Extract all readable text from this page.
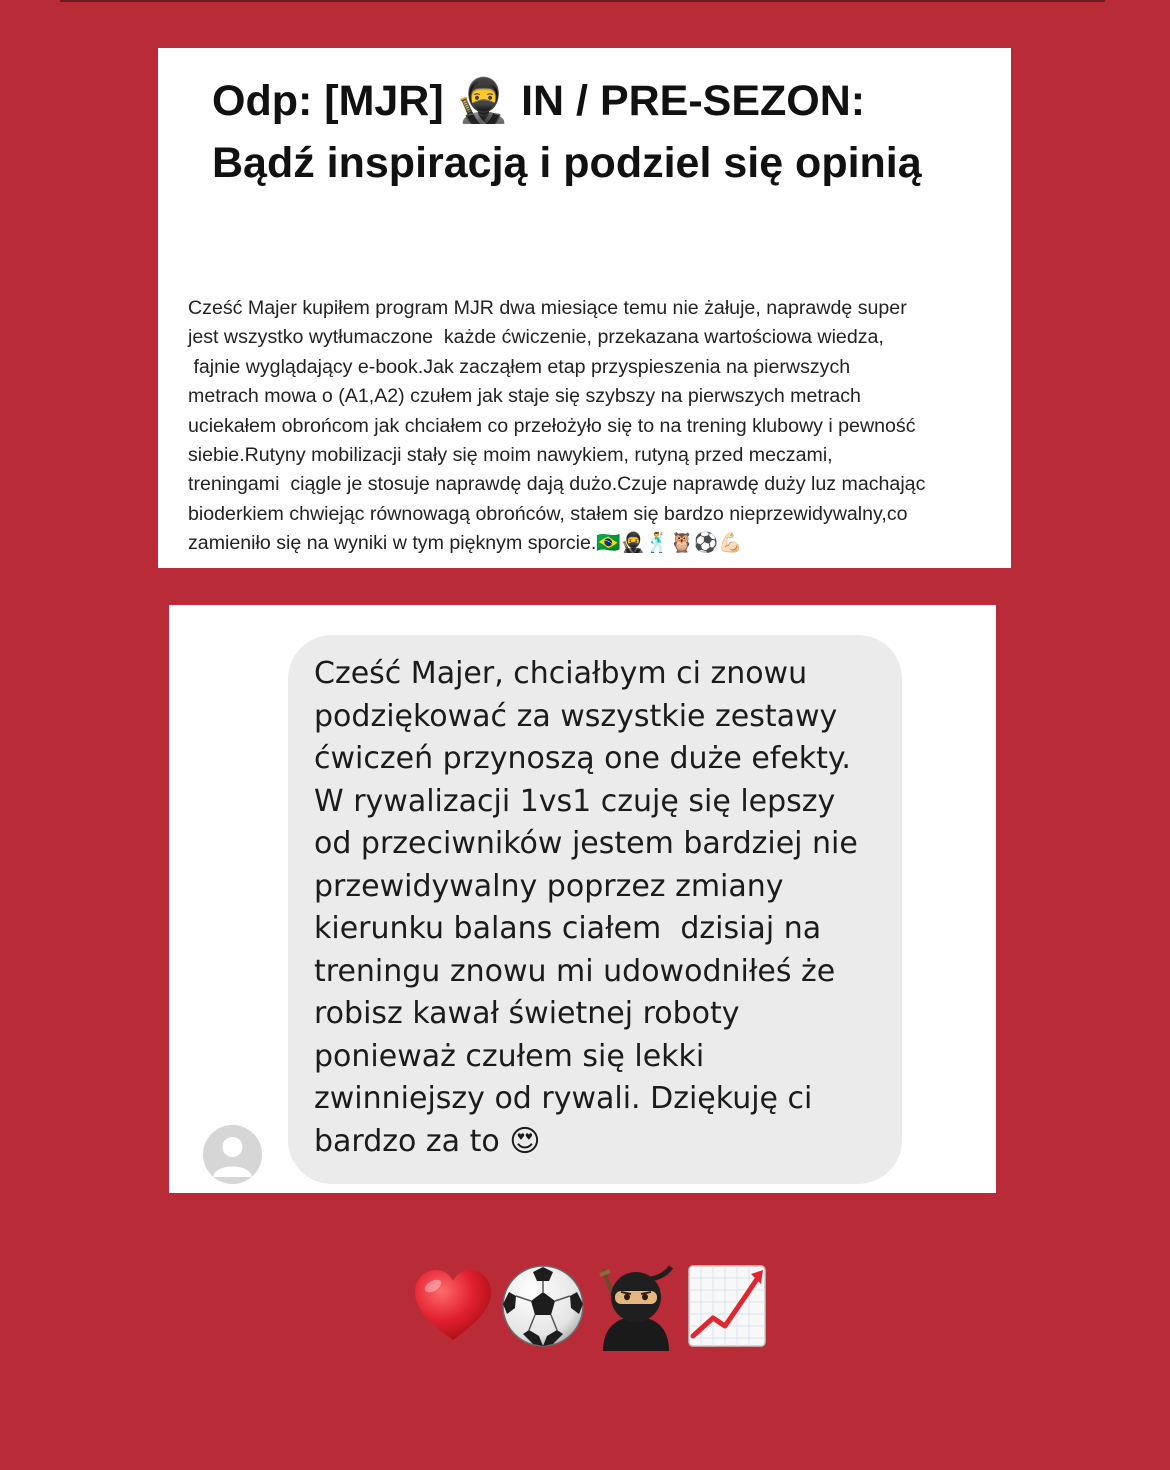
Odp: [MJR] 🥷 IN / PRE-SEZON: Bądź inspiracją i podziel się opinią

Cześć Majer kupiłem program MJR dwa miesiące temu nie żałuje, naprawdę super
jest wszystko wytłumaczone  każde ćwiczenie, przekazana wartościowa wiedza,
fajnie wyglądający e-book.Jak zacząłem etap przyspieszenia na pierwszych
metrach mowa o (A1,A2) czułem jak staje się szybszy na pierwszych metrach
uciekałem obrońcom jak chciałem co przełożyło się to na trening klubowy i pewność
siebie.Rutyny mobilizacji stały się moim nawykiem, rutyną przed meczami,
treningami  ciągle je stosuje naprawdę dają dużo.Czuje naprawdę duży luz machając
bioderkiem chwiejąc równowagą obrońców, stałem się bardzo nieprzewidywalny,co
zamieniło się na wyniki w tym pięknym sporcie.🇧🇷🥷🕺🦉⚽💪🏻

Cześć Majer, chciałbym ci znowu
podziękować za wszystkie zestawy
ćwiczeń przynoszą one duże efekty.
W rywalizacji 1vs1 czuję się lepszy
od przeciwników jestem bardziej nie
przewidywalny poprzez zmiany
kierunku balans ciałem  dzisiaj na
treningu znowu mi udowodniłeś że
robisz kawał świetnej roboty
ponieważ czułem się lekki
zwinniejszy od rywali. Dziękuję ci
bardzo za to 😍
